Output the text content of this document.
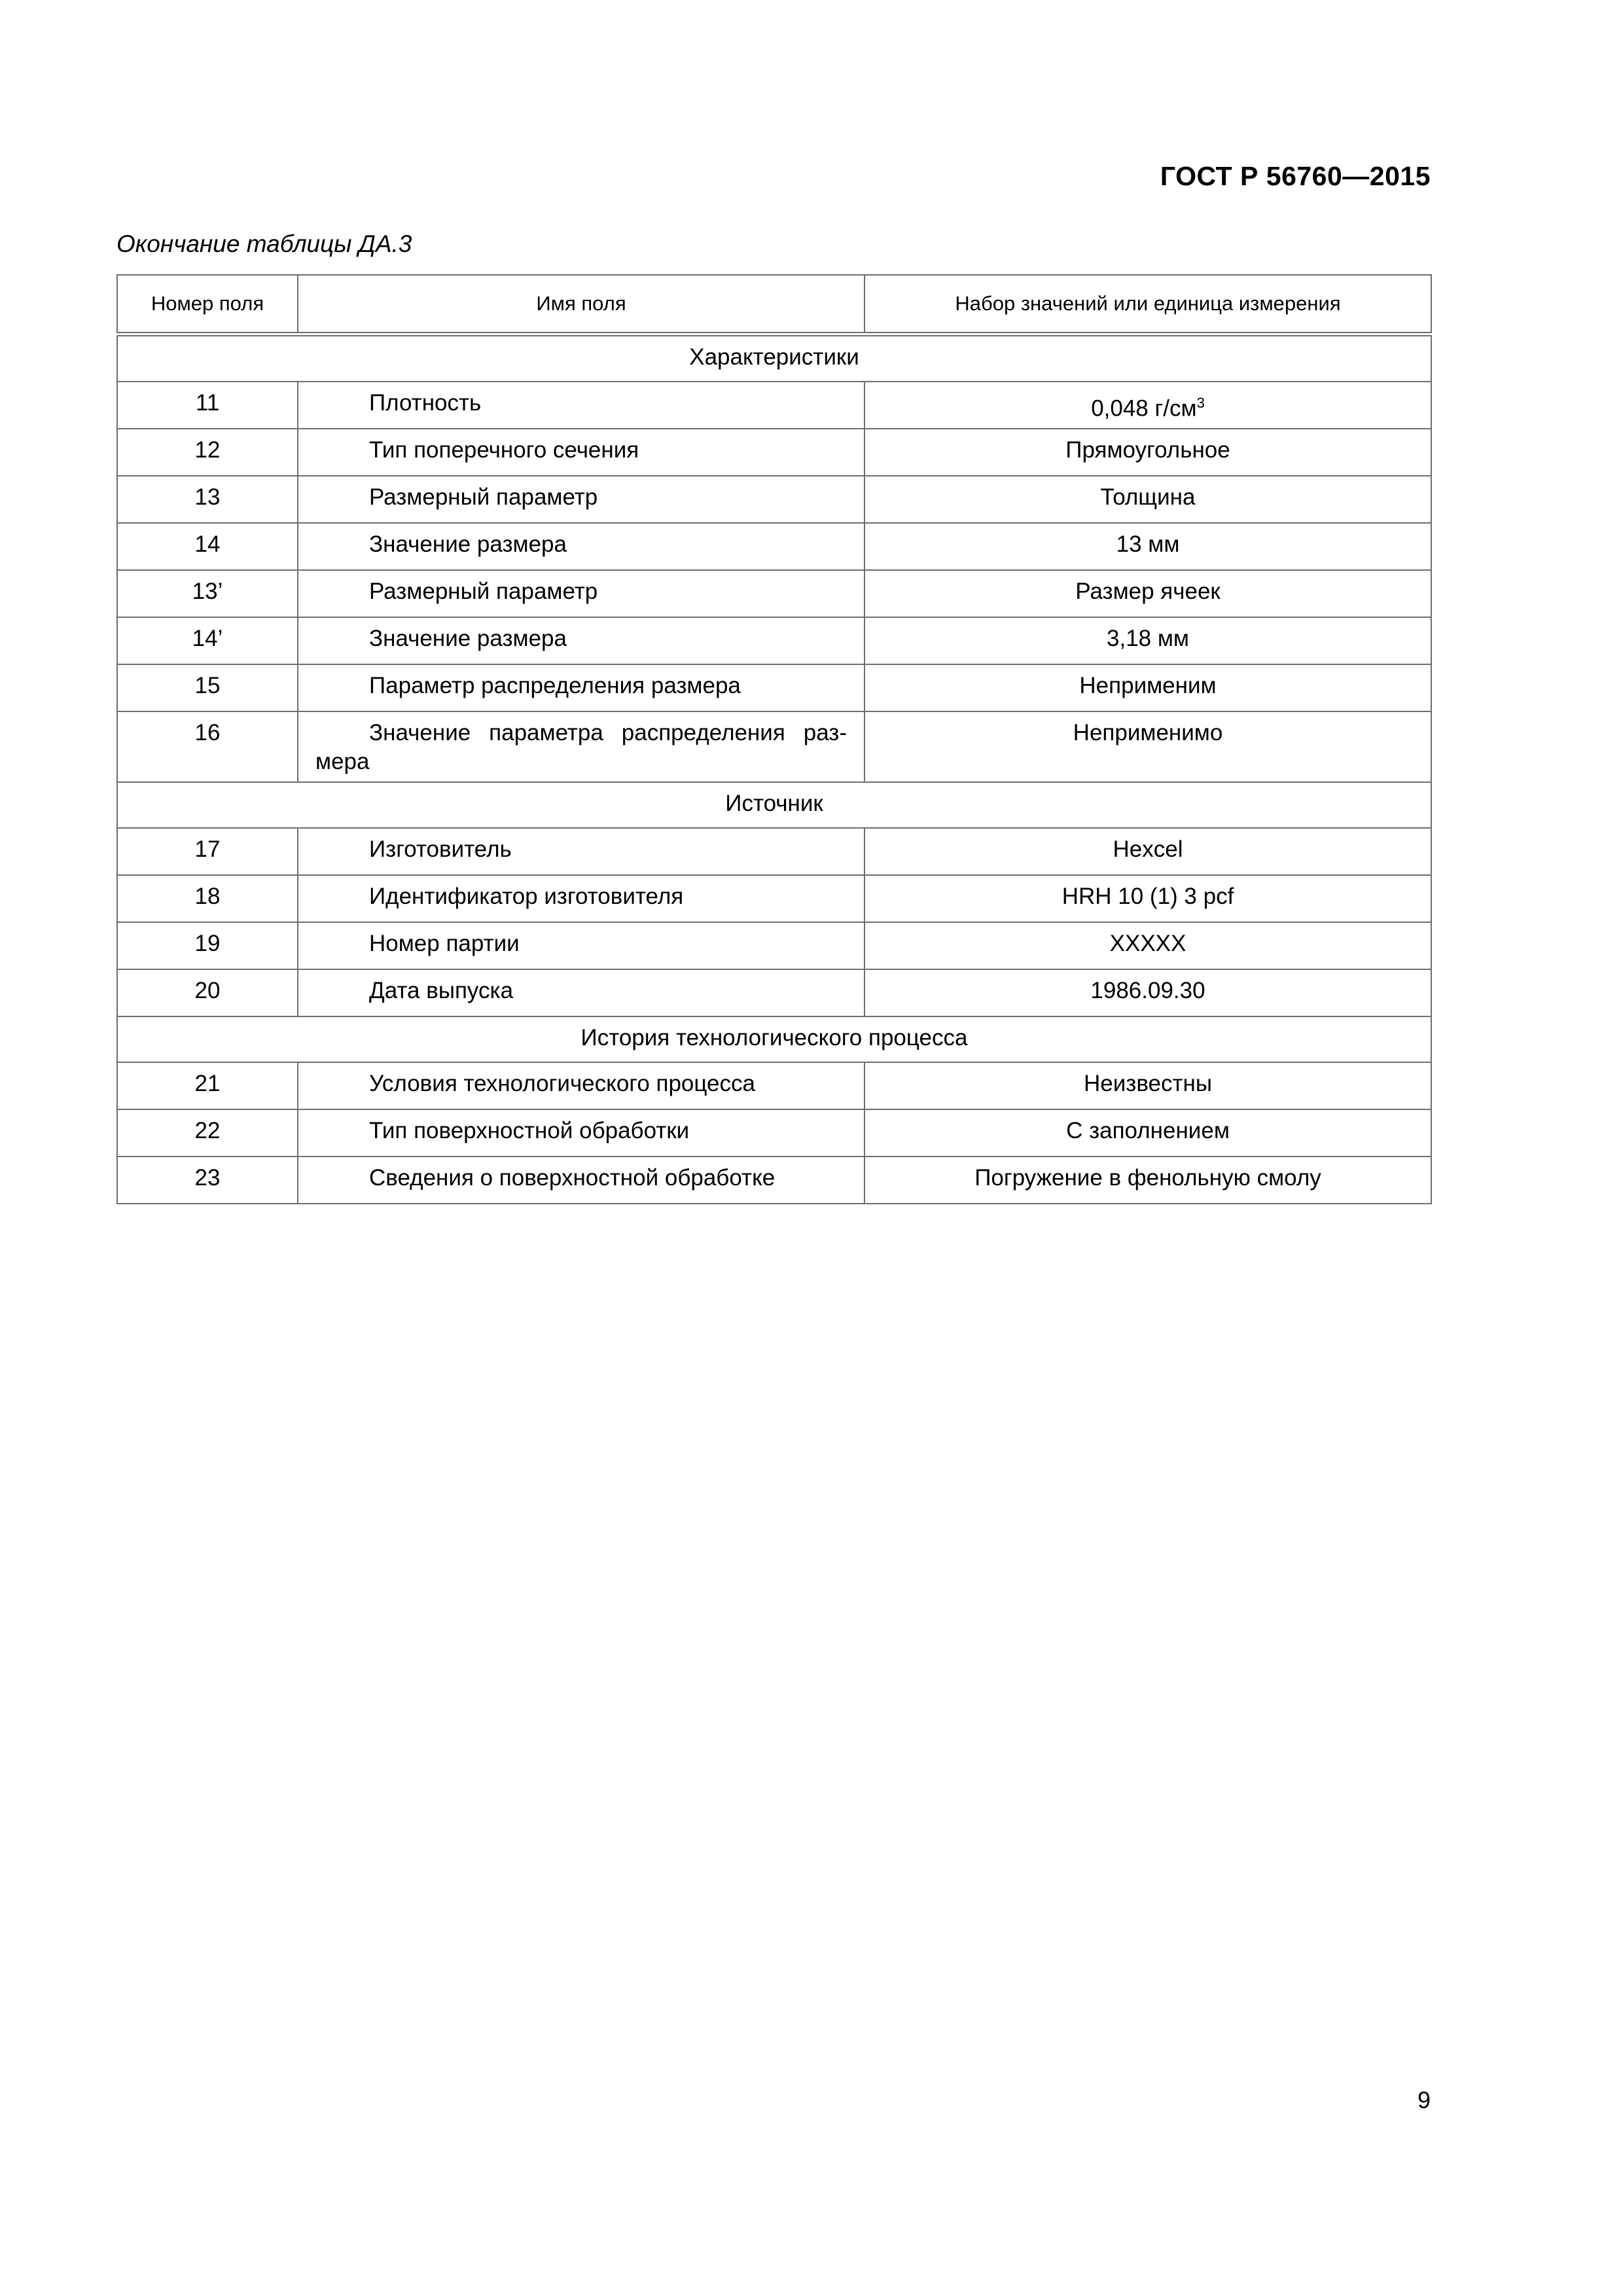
ГОСТ Р 56760—2015
Окончание таблицы ДА.3
Номер поля	Имя поля	Набор значений или единица измерения
Характеристики		
11	Плотность	0,048 $г/см^3$
12	Тип поперечного сечения	Прямоугольное
13	Размерный параметр	Толщина
14	Значение размера	13 мм
13’	Размерный параметр	Размер ячеек
14’	Значение размера	3,18 мм
15	Параметр распределения размера	Неприменим
16	Значение параметра распределения раз-мера	Неприменимо
Источник		
17	Изготовитель	Hexcel
18	Идентификатор изготовителя	HRH 10 (1) 3 pcf
19	Номер партии	XXXXX
20	Дата выпуска	1986.09.30
История технологического процесса		
21	Условия технологического процесса	Неизвестны
22	Тип поверхностной обработки	С заполнением
23	Сведения о поверхностной обработке	Погружение в фенольную смолу
9
